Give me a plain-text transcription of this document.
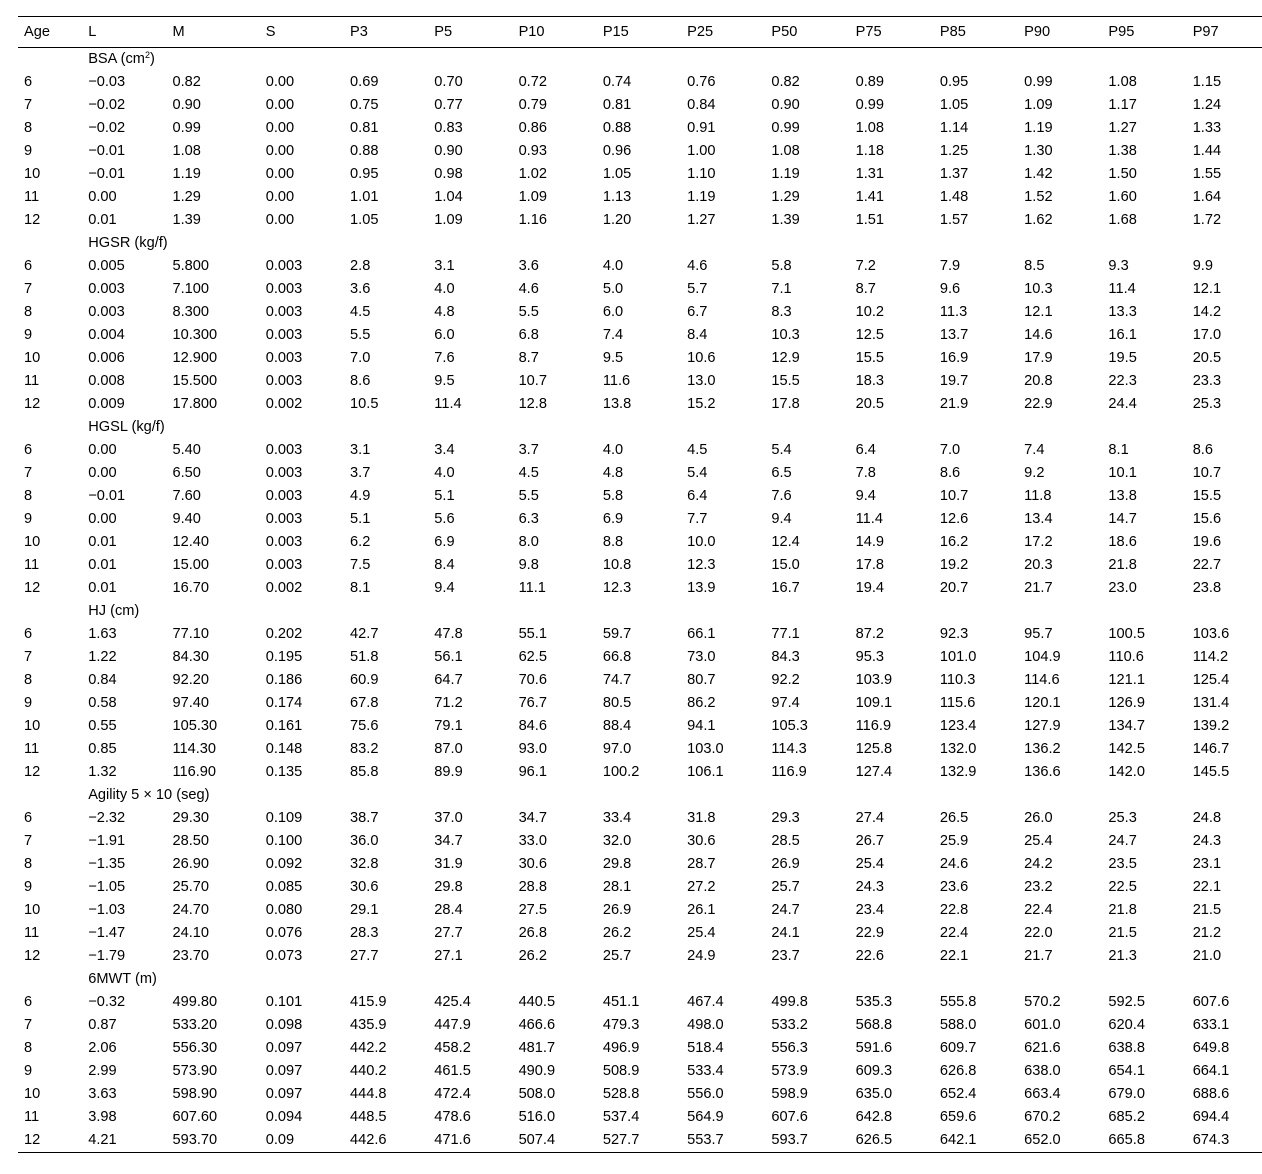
Age	L	M	S	P3	P5	P10	P15	P25	P50	P75	P85	P90	P95	P97
	BSA $(cm^2)$													
6	−0.03	0.82	0.00	0.69	0.70	0.72	0.74	0.76	0.82	0.89	0.95	0.99	1.08	1.15
7	−0.02	0.90	0.00	0.75	0.77	0.79	0.81	0.84	0.90	0.99	1.05	1.09	1.17	1.24
8	−0.02	0.99	0.00	0.81	0.83	0.86	0.88	0.91	0.99	1.08	1.14	1.19	1.27	1.33
9	−0.01	1.08	0.00	0.88	0.90	0.93	0.96	1.00	1.08	1.18	1.25	1.30	1.38	1.44
10	−0.01	1.19	0.00	0.95	0.98	1.02	1.05	1.10	1.19	1.31	1.37	1.42	1.50	1.55
11	0.00	1.29	0.00	1.01	1.04	1.09	1.13	1.19	1.29	1.41	1.48	1.52	1.60	1.64
12	0.01	1.39	0.00	1.05	1.09	1.16	1.20	1.27	1.39	1.51	1.57	1.62	1.68	1.72
	HGSR (kg/f)													
6	0.005	5.800	0.003	2.8	3.1	3.6	4.0	4.6	5.8	7.2	7.9	8.5	9.3	9.9
7	0.003	7.100	0.003	3.6	4.0	4.6	5.0	5.7	7.1	8.7	9.6	10.3	11.4	12.1
8	0.003	8.300	0.003	4.5	4.8	5.5	6.0	6.7	8.3	10.2	11.3	12.1	13.3	14.2
9	0.004	10.300	0.003	5.5	6.0	6.8	7.4	8.4	10.3	12.5	13.7	14.6	16.1	17.0
10	0.006	12.900	0.003	7.0	7.6	8.7	9.5	10.6	12.9	15.5	16.9	17.9	19.5	20.5
11	0.008	15.500	0.003	8.6	9.5	10.7	11.6	13.0	15.5	18.3	19.7	20.8	22.3	23.3
12	0.009	17.800	0.002	10.5	11.4	12.8	13.8	15.2	17.8	20.5	21.9	22.9	24.4	25.3
	HGSL (kg/f)													
6	0.00	5.40	0.003	3.1	3.4	3.7	4.0	4.5	5.4	6.4	7.0	7.4	8.1	8.6
7	0.00	6.50	0.003	3.7	4.0	4.5	4.8	5.4	6.5	7.8	8.6	9.2	10.1	10.7
8	−0.01	7.60	0.003	4.9	5.1	5.5	5.8	6.4	7.6	9.4	10.7	11.8	13.8	15.5
9	0.00	9.40	0.003	5.1	5.6	6.3	6.9	7.7	9.4	11.4	12.6	13.4	14.7	15.6
10	0.01	12.40	0.003	6.2	6.9	8.0	8.8	10.0	12.4	14.9	16.2	17.2	18.6	19.6
11	0.01	15.00	0.003	7.5	8.4	9.8	10.8	12.3	15.0	17.8	19.2	20.3	21.8	22.7
12	0.01	16.70	0.002	8.1	9.4	11.1	12.3	13.9	16.7	19.4	20.7	21.7	23.0	23.8
	HJ (cm)													
6	1.63	77.10	0.202	42.7	47.8	55.1	59.7	66.1	77.1	87.2	92.3	95.7	100.5	103.6
7	1.22	84.30	0.195	51.8	56.1	62.5	66.8	73.0	84.3	95.3	101.0	104.9	110.6	114.2
8	0.84	92.20	0.186	60.9	64.7	70.6	74.7	80.7	92.2	103.9	110.3	114.6	121.1	125.4
9	0.58	97.40	0.174	67.8	71.2	76.7	80.5	86.2	97.4	109.1	115.6	120.1	126.9	131.4
10	0.55	105.30	0.161	75.6	79.1	84.6	88.4	94.1	105.3	116.9	123.4	127.9	134.7	139.2
11	0.85	114.30	0.148	83.2	87.0	93.0	97.0	103.0	114.3	125.8	132.0	136.2	142.5	146.7
12	1.32	116.90	0.135	85.8	89.9	96.1	100.2	106.1	116.9	127.4	132.9	136.6	142.0	145.5
	Agility 5 × 10 (seg)													
6	−2.32	29.30	0.109	38.7	37.0	34.7	33.4	31.8	29.3	27.4	26.5	26.0	25.3	24.8
7	−1.91	28.50	0.100	36.0	34.7	33.0	32.0	30.6	28.5	26.7	25.9	25.4	24.7	24.3
8	−1.35	26.90	0.092	32.8	31.9	30.6	29.8	28.7	26.9	25.4	24.6	24.2	23.5	23.1
9	−1.05	25.70	0.085	30.6	29.8	28.8	28.1	27.2	25.7	24.3	23.6	23.2	22.5	22.1
10	−1.03	24.70	0.080	29.1	28.4	27.5	26.9	26.1	24.7	23.4	22.8	22.4	21.8	21.5
11	−1.47	24.10	0.076	28.3	27.7	26.8	26.2	25.4	24.1	22.9	22.4	22.0	21.5	21.2
12	−1.79	23.70	0.073	27.7	27.1	26.2	25.7	24.9	23.7	22.6	22.1	21.7	21.3	21.0
	6MWT (m)													
6	−0.32	499.80	0.101	415.9	425.4	440.5	451.1	467.4	499.8	535.3	555.8	570.2	592.5	607.6
7	0.87	533.20	0.098	435.9	447.9	466.6	479.3	498.0	533.2	568.8	588.0	601.0	620.4	633.1
8	2.06	556.30	0.097	442.2	458.2	481.7	496.9	518.4	556.3	591.6	609.7	621.6	638.8	649.8
9	2.99	573.90	0.097	440.2	461.5	490.9	508.9	533.4	573.9	609.3	626.8	638.0	654.1	664.1
10	3.63	598.90	0.097	444.8	472.4	508.0	528.8	556.0	598.9	635.0	652.4	663.4	679.0	688.6
11	3.98	607.60	0.094	448.5	478.6	516.0	537.4	564.9	607.6	642.8	659.6	670.2	685.2	694.4
12	4.21	593.70	0.09	442.6	471.6	507.4	527.7	553.7	593.7	626.5	642.1	652.0	665.8	674.3
